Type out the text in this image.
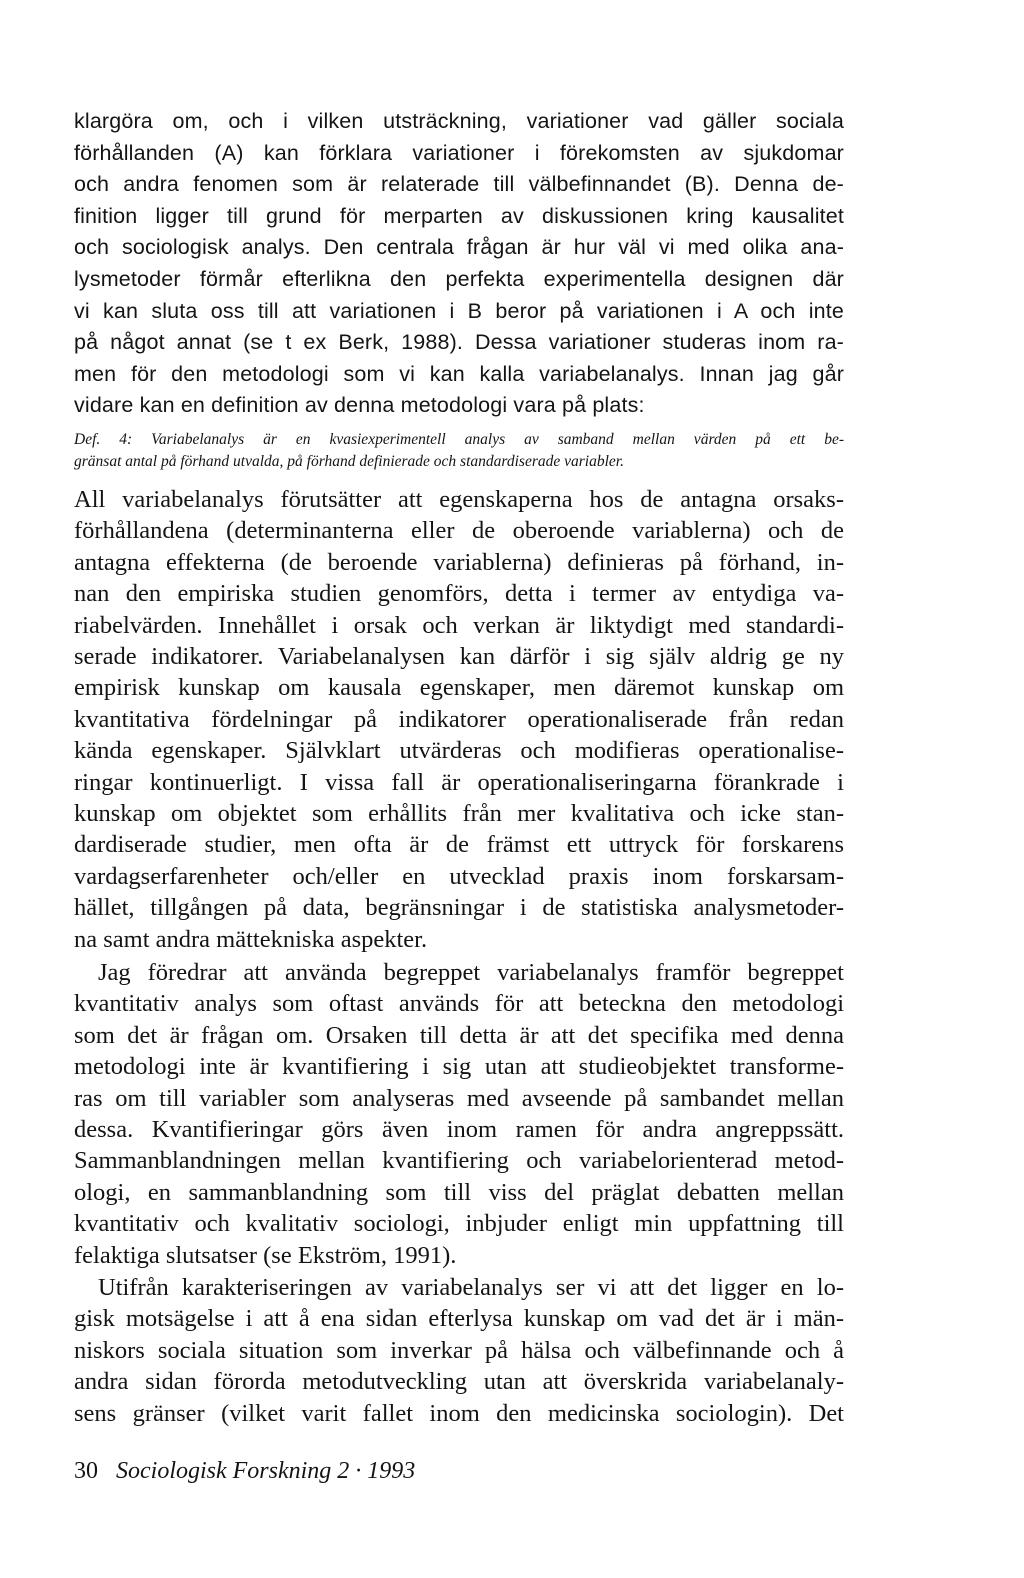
klargöra om, och i vilken utsträckning, variationer vad gäller sociala
förhållanden (A) kan förklara variationer i förekomsten av sjukdomar
och andra fenomen som är relaterade till välbefinnandet (B). Denna de-
finition ligger till grund för merparten av diskussionen kring kausalitet
och sociologisk analys. Den centrala frågan är hur väl vi med olika ana-
lysmetoder förmår efterlikna den perfekta experimentella designen där
vi kan sluta oss till att variationen i B beror på variationen i A och inte
på något annat (se t ex Berk, 1988). Dessa variationer studeras inom ra-
men för den metodologi som vi kan kalla variabelanalys. Innan jag går
vidare kan en definition av denna metodologi vara på plats:
Def. 4: Variabelanalys är en kvasiexperimentell analys av samband mellan värden på ett be-
gränsat antal på förhand utvalda, på förhand definierade och standardiserade variabler.
All variabelanalys förutsätter att egenskaperna hos de antagna orsaks-
förhållandena (determinanterna eller de oberoende variablerna) och de
antagna effekterna (de beroende variablerna) definieras på förhand, in-
nan den empiriska studien genomförs, detta i termer av entydiga va-
riabelvärden. Innehållet i orsak och verkan är liktydigt med standardi-
serade indikatorer. Variabelanalysen kan därför i sig själv aldrig ge ny
empirisk kunskap om kausala egenskaper, men däremot kunskap om
kvantitativa fördelningar på indikatorer operationaliserade från redan
kända egenskaper. Självklart utvärderas och modifieras operationalise-
ringar kontinuerligt. I vissa fall är operationaliseringarna förankrade i
kunskap om objektet som erhållits från mer kvalitativa och icke stan-
dardiserade studier, men ofta är de främst ett uttryck för forskarens
vardagserfarenheter och/eller en utvecklad praxis inom forskarsam-
hället, tillgången på data, begränsningar i de statistiska analysmetoder-
na samt andra mättekniska aspekter.
Jag föredrar att använda begreppet variabelanalys framför begreppet
kvantitativ analys som oftast används för att beteckna den metodologi
som det är frågan om. Orsaken till detta är att det specifika med denna
metodologi inte är kvantifiering i sig utan att studieobjektet transforme-
ras om till variabler som analyseras med avseende på sambandet mellan
dessa. Kvantifieringar görs även inom ramen för andra angreppssätt.
Sammanblandningen mellan kvantifiering och variabelorienterad metod-
ologi, en sammanblandning som till viss del präglat debatten mellan
kvantitativ och kvalitativ sociologi, inbjuder enligt min uppfattning till
felaktiga slutsatser (se Ekström, 1991).
Utifrån karakteriseringen av variabelanalys ser vi att det ligger en lo-
gisk motsägelse i att å ena sidan efterlysa kunskap om vad det är i män-
niskors sociala situation som inverkar på hälsa och välbefinnande och å
andra sidan förorda metodutveckling utan att överskrida variabelanaly-
sens gränser (vilket varit fallet inom den medicinska sociologin). Det
30 Sociologisk Forskning 2 · 1993
